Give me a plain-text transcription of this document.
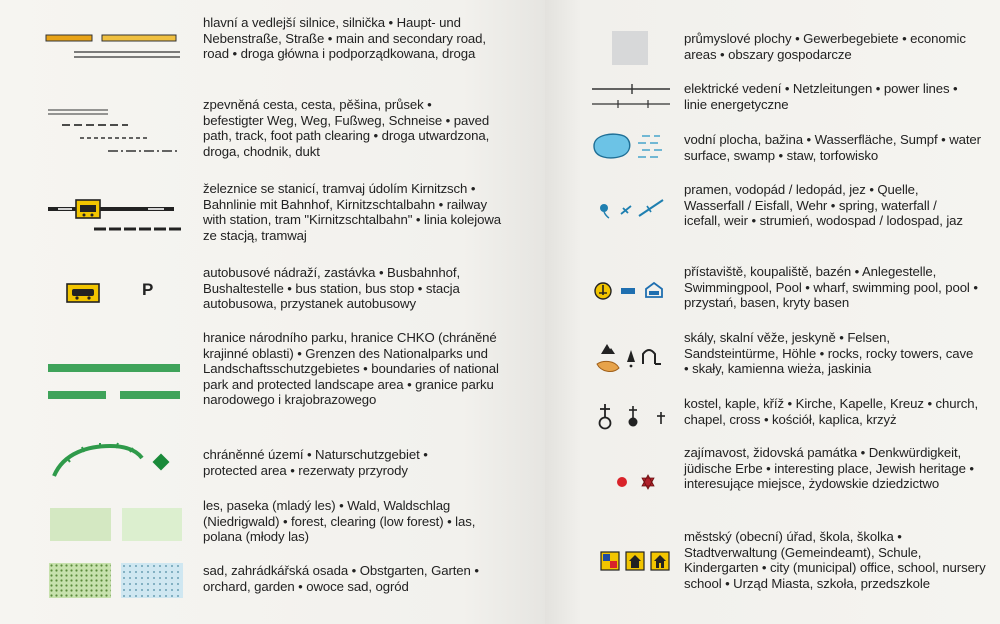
P
hlavní a vedlejší silnice, silnička • Haupt- und Nebenstraße, Straße • main and secondary road, road • droga główna i podporządkowana, droga
zpevněná cesta, cesta, pěšina, průsek • befestigter Weg, Weg, Fußweg, Schneise • paved path, track, foot path clearing • droga utwardzona, droga, chodnik, dukt
železnice se stanicí, tramvaj údolím Kirnitzsch • Bahnlinie mit Bahnhof, Kirnitzschtalbahn • railway with station, tram "Kirnitzschtalbahn" • linia kolejowa ze stacją, tramwaj
autobusové nádraží, zastávka • Busbahnhof, Bushaltestelle • bus station, bus stop • stacja autobusowa, przystanek autobusowy
hranice národního parku, hranice CHKO (chráněné krajinné oblasti) • Grenzen des Nationalparks und Landschaftsschutzgebietes • boundaries of national park and protected landscape area • granice parku narodowego i krajobrazowego
chráněnné území • Naturschutzgebiet • protected area • rezerwaty przyrody
les, paseka (mladý les) • Wald, Waldschlag (Niedrigwald) • forest, clearing (low forest) • las, polana (młody las)
sad, zahrádkářská osada • Obstgarten, Garten • orchard, garden • owoce sad, ogród
průmyslové plochy • Gewerbegebiete • economic areas • obszary gospodarcze
elektrické vedení • Netzleitungen • power lines • linie energetyczne
vodní plocha, bažina • Wasserfläche, Sumpf • water surface, swamp • staw, torfowisko
pramen, vodopád / ledopád, jez • Quelle, Wasserfall / Eisfall, Wehr • spring, waterfall / icefall, weir • strumień, wodospad / lodospad, jaz
přístaviště, koupaliště, bazén • Anlegestelle, Swimmingpool, Pool • wharf, swimming pool, pool • przystań, basen, kryty basen
skály, skalní věže, jeskyně • Felsen, Sandsteintürme, Höhle • rocks, rocky towers, cave • skały, kamienna wieża, jaskinia
kostel, kaple, kříž • Kirche, Kapelle, Kreuz • church, chapel, cross • kościół, kaplica, krzyż
zajímavost, židovská památka • Denkwürdigkeit, jüdische Erbe • interesting place, Jewish heritage • interesujące miejsce, żydowskie dziedzictwo
městský (obecní) úřad, škola, školka • Stadtverwaltung (Gemeindeamt), Schule, Kindergarten • city (municipal) office, school, nursery school • Urząd Miasta, szkoła, przedszkole
